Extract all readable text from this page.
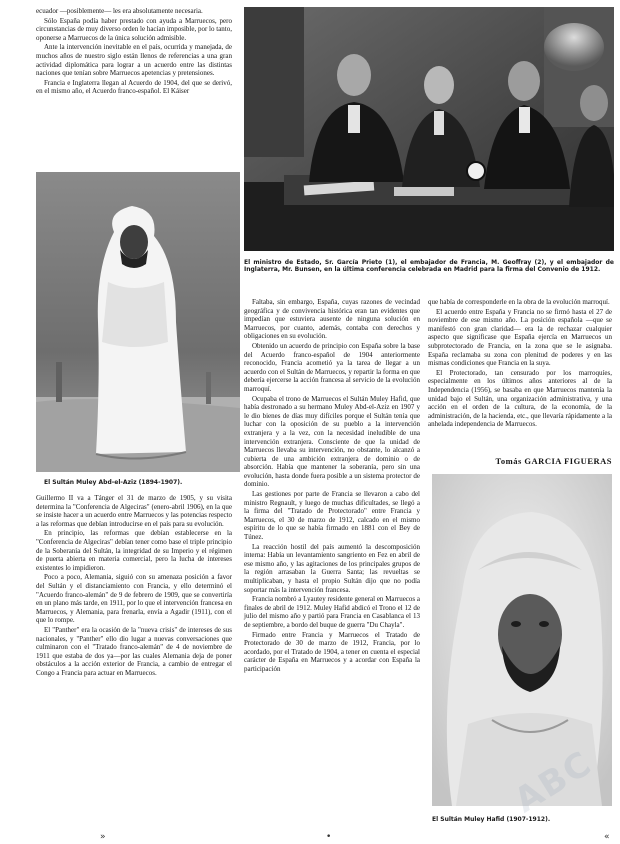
ecuador —posiblemente— les era absolutamente necesaria.

Sólo España podía haber prestado con ayuda a Marruecos, pero circunstancias de muy diverso orden le hacían imposible, por lo tanto, oponerse a Marruecos de la única solución admisible.

Ante la intervención inevitable en el país, ocurrida y manejada, de muchos años de nuestro siglo están llenos de referencias a una gran actividad diplomática para lograr a un acuerdo entre las distintas naciones que tenían sobre Marruecos apetencias y pretensiones.

Francia e Inglaterra llegan al Acuerdo de 1904, del que se derivó, en el mismo año, el Acuerdo franco-español. El Káiser

El ministro de Estado, Sr. García Prieto (1), el embajador de Francia, M. Geoffray (2), y el embajador de Inglaterra, Mr. Bunsen, en la última conferencia celebrada en Madrid para la firma del Convenio de 1912.
El Sultán Muley Abd-el-Aziz (1894-1907).

Guillermo II va a Tánger el 31 de marzo de 1905, y su visita determina la "Conferencia de Algeciras" (enero-abril 1906), en la que se insiste hacer a un acuerdo entre Marruecos y las potencias respecto a las reformas que debían introducirse en el país para su evolución.

En principio, las reformas que debían establecerse en la "Conferencia de Algeciras" debían tener como base el triple principio de la Soberanía del Sultán, la integridad de su Imperio y el régimen de puerta abierta en materia comercial, pero la lucha de intereses existentes lo impidieron.

Poco a poco, Alemania, siguió con su amenaza posición a favor del Sultán y el distanciamiento con Francia, y ello determinó el "Acuerdo franco-alemán" de 9 de febrero de 1909, que se convertiría en un plano más tarde, en 1911, por lo que el intervención francesa en Marruecos, y Alemania, para frenarla, envía a Agadir (1911), con el que lo rompe.

El "Panther" era la ocasión de la "nueva crisis" de intereses de sus nacionales, y "Panther" ello dio lugar a nuevas conversaciones que culminaron con el "Tratado franco-alemán" de 4 de noviembre de 1911 que estaba de dos ya—por las cuales Alemania deja de poner obstáculos a la acción exterior de Francia, a cambio de entregar el Congo a Francia para actuar en Marruecos.

Faltaba, sin embargo, España, cuyas razones de vecindad geográfica y de convivencia histórica eran tan evidentes que impedían que estuviera ausente de ninguna solución en Marruecos, por cuanto, además, contaba con derechos y obligaciones en su evolución.

Obtenido un acuerdo de principio con España sobre la base del Acuerdo franco-español de 1904 anteriormente reconocido, Francia acometió ya la tarea de llegar a un acuerdo con el Sultán de Marruecos, y repartir la forma en que debería ejercerse la acción francesa al servicio de la evolución marroquí.

Ocupaba el trono de Marruecos el Sultán Muley Hafid, que había destronado a su hermano Muley Abd-el-Aziz en 1907 y le dio bienes de días muy difíciles porque el Sultán tenía que luchar con la oposición de su pueblo a la intervención extranjera y a la vez, con la necesidad ineludible de una intervención extranjera. Consciente de que la unidad de Marruecos llevaba su intervención, no obstante, lo alcanzó a cubierta de una ambición extranjera de dominio o de absorción. Había que mantener la soberanía, pero sin una evolución, hasta donde fuera posible a un sistema protector de dominio.

Las gestiones por parte de Francia se llevaron a cabo del ministro Regnault, y luego de muchas dificultades, se llegó a la firma del "Tratado de Protectorado" entre Francia y Marruecos, el 30 de marzo de 1912, calcado en el mismo espíritu de lo que se había firmado en 1881 con el Bey de Túnez.

La reacción hostil del país aumentó la descomposición interna: Había un levantamiento sangriento en Fez en abril de ese mismo año, y las agitaciones de los principales grupos de la región arrasaban la Guerra Santa; las revueltas se multiplicaban, y hasta el propio Sultán dijo que no podía soportar más la intervención francesa.

Francia nombró a Lyautey residente general en Marruecos a finales de abril de 1912. Muley Hafid abdicó el Trono el 12 de julio del mismo año y partió para Francia en Casablanca el 13 de septiembre, a bordo del buque de guerra "Du Chayla".

Firmado entre Francia y Marruecos el Tratado de Protectorado de 30 de marzo de 1912, Francia, por lo acordado, por el Tratado de 1904, a tener en cuenta el especial carácter de España en Marruecos y a acordar con España la participación

que había de corresponderle en la obra de la evolución marroquí.

El acuerdo entre España y Francia no se firmó hasta el 27 de noviembre de ese mismo año. La posición española —que se manifestó con gran claridad— era la de rechazar cualquier aspecto que significase que España ejercía en Marruecos un subprotectorado de Francia, en la zona que se le asignaba. España reclamaba su zona con plenitud de poderes y en las mismas condiciones que Francia en la suya.

El Protectorado, tan censurado por los marroquíes, especialmente en los últimos años anteriores al de la Independencia (1956), se basaba en que Marruecos mantenía la unidad bajo el Sultán, una organización administrativa, y una acción en el orden de la cultura, de la economía, de la administración, de la hacienda, etc., que llevaría rápidamente a la anhelada independencia de Marruecos.

Tomás GARCIA FIGUERAS
El Sultán Muley Hafid (1907-1912).
ABC
»	•	«
